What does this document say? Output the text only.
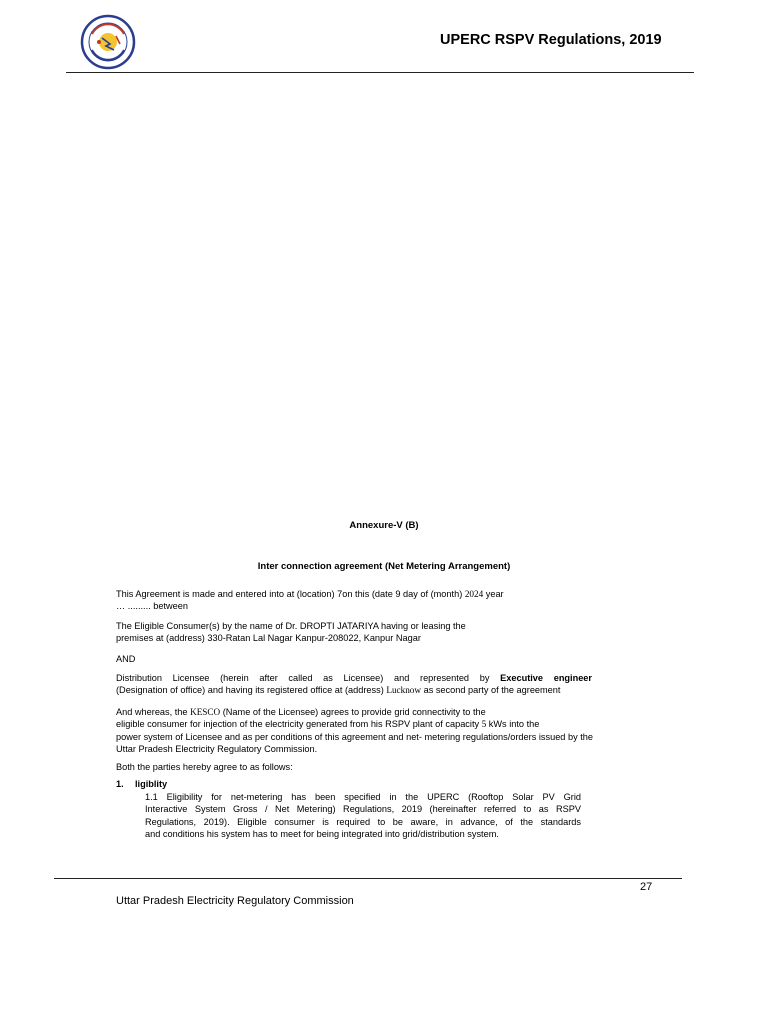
UPERC RSPV Regulations, 2019
Annexure-V (B)
Inter connection agreement (Net Metering Arrangement)
This Agreement is made and entered into at (location) 7on this (date 9 day of (month) 2024 year
… ......... between
The Eligible Consumer(s) by the name of Dr. DROPTI JATARIYA having or leasing the
premises at (address) 330-Ratan Lal Nagar Kanpur-208022, Kanpur Nagar
AND
Distribution Licensee (herein after called as Licensee) and represented by Executive engineer
(Designation of office) and having its registered office at (address) Lucknow as second party of the agreement
And whereas, the KESCO (Name of the Licensee) agrees to provide grid connectivity to the
eligible consumer for injection of the electricity generated from his RSPV plant of capacity 5 kWs into the
power system of Licensee and as per conditions of this agreement and net- metering regulations/orders issued by the
Uttar Pradesh Electricity Regulatory Commission.
Both the parties hereby agree to as follows:
1. ligiblity
1.1 Eligibility for net-metering has been specified in the UPERC (Rooftop Solar PV Grid
Interactive System Gross / Net Metering) Regulations, 2019 (hereinafter referred to as RSPV
Regulations, 2019). Eligible consumer is required to be aware, in advance, of the standards
and conditions his system has to meet for being integrated into grid/distribution system.
27
Uttar Pradesh Electricity Regulatory Commission
